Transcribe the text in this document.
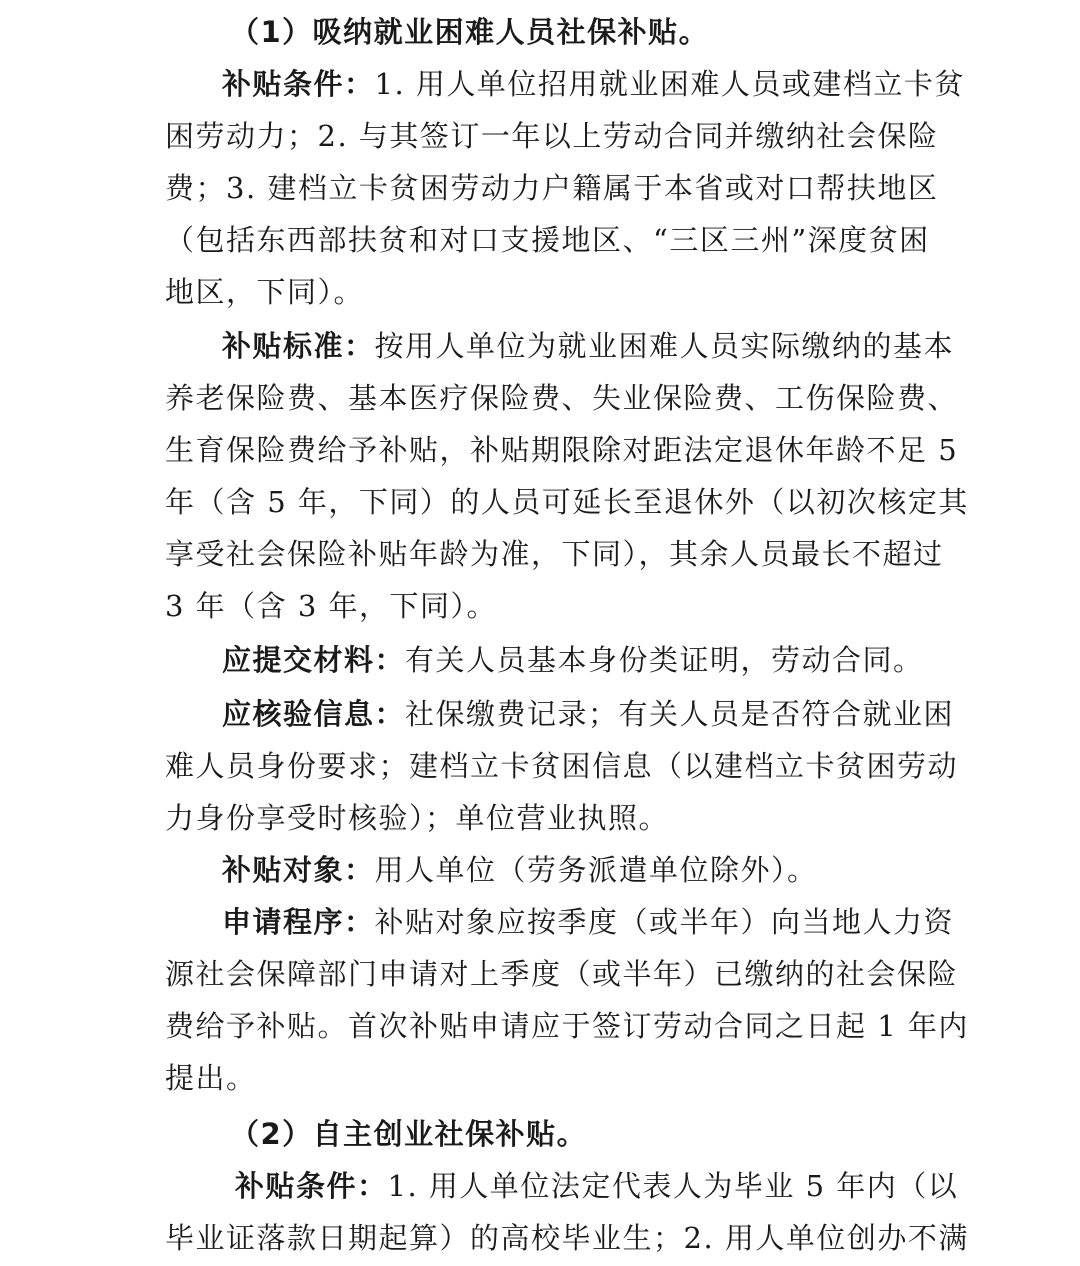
（1）吸纳就业困难人员社保补贴。
补贴条件：1. 用人单位招用就业困难人员或建档立卡贫
困劳动力；2. 与其签订一年以上劳动合同并缴纳社会保险
费；3. 建档立卡贫困劳动力户籍属于本省或对口帮扶地区
（包括东西部扶贫和对口支援地区、“三区三州”深度贫困
地区，下同）。
补贴标准：按用人单位为就业困难人员实际缴纳的基本
养老保险费、基本医疗保险费、失业保险费、工伤保险费、
生育保险费给予补贴，补贴期限除对距法定退休年龄不足 5
年（含 5 年，下同）的人员可延长至退休外（以初次核定其
享受社会保险补贴年龄为准，下同），其余人员最长不超过
3 年（含 3 年，下同）。
应提交材料：有关人员基本身份类证明，劳动合同。
应核验信息：社保缴费记录；有关人员是否符合就业困
难人员身份要求；建档立卡贫困信息（以建档立卡贫困劳动
力身份享受时核验）；单位营业执照。
补贴对象：用人单位（劳务派遣单位除外）。
申请程序：补贴对象应按季度（或半年）向当地人力资
源社会保障部门申请对上季度（或半年）已缴纳的社会保险
费给予补贴。首次补贴申请应于签订劳动合同之日起 1 年内
提出。
（2）自主创业社保补贴。
补贴条件：1. 用人单位法定代表人为毕业 5 年内（以
毕业证落款日期起算）的高校毕业生；2. 用人单位创办不满
